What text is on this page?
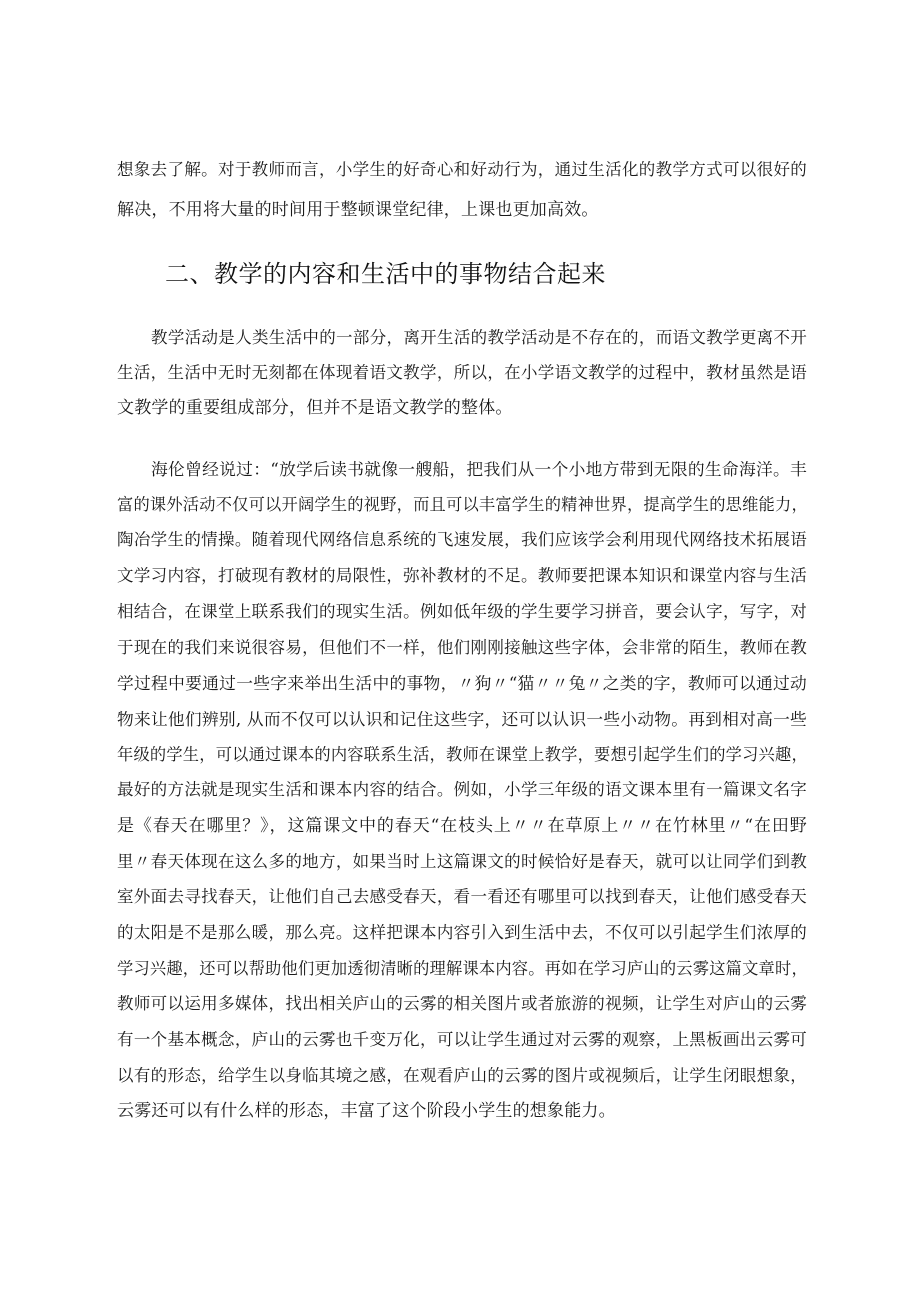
想象去了解。对于教师而言，小学生的好奇心和好动行为，通过生活化的教学方式可以很好的
解决，不用将大量的时间用于整顿课堂纪律，上课也更加高效。
二、教学的内容和生活中的事物结合起来
教学活动是人类生活中的一部分，离开生活的教学活动是不存在的，而语文教学更离不开
生活，生活中无时无刻都在体现着语文教学，所以，在小学语文教学的过程中，教材虽然是语
文教学的重要组成部分，但并不是语文教学的整体。
海伦曾经说过：“放学后读书就像一艘船，把我们从一个小地方带到无限的生命海洋。丰
富的课外活动不仅可以开阔学生的视野，而且可以丰富学生的精神世界，提高学生的思维能力，
陶冶学生的情操。随着现代网络信息系统的飞速发展，我们应该学会利用现代网络技术拓展语
文学习内容，打破现有教材的局限性，弥补教材的不足。教师要把课本知识和课堂内容与生活
相结合，在课堂上联系我们的现实生活。例如低年级的学生要学习拼音，要会认字，写字，对
于现在的我们来说很容易，但他们不一样，他们刚刚接触这些字体，会非常的陌生，教师在教
学过程中要通过一些字来举出生活中的事物，〃狗〃“猫〃〃兔〃之类的字，教师可以通过动
物来让他们辨别, 从而不仅可以认识和记住这些字，还可以认识一些小动物。再到相对高一些
年级的学生，可以通过课本的内容联系生活，教师在课堂上教学，要想引起学生们的学习兴趣，
最好的方法就是现实生活和课本内容的结合。例如，小学三年级的语文课本里有一篇课文名字
是《春天在哪里？》，这篇课文中的春天“在枝头上〃〃在草原上〃〃在竹林里〃“在田野
里〃春天体现在这么多的地方，如果当时上这篇课文的时候恰好是春天，就可以让同学们到教
室外面去寻找春天，让他们自己去感受春天，看一看还有哪里可以找到春天，让他们感受春天
的太阳是不是那么暖，那么亮。这样把课本内容引入到生活中去，不仅可以引起学生们浓厚的
学习兴趣，还可以帮助他们更加透彻清晰的理解课本内容。再如在学习庐山的云雾这篇文章时，
教师可以运用多媒体，找出相关庐山的云雾的相关图片或者旅游的视频，让学生对庐山的云雾
有一个基本概念，庐山的云雾也千变万化，可以让学生通过对云雾的观察，上黑板画出云雾可
以有的形态，给学生以身临其境之感，在观看庐山的云雾的图片或视频后，让学生闭眼想象，
云雾还可以有什么样的形态，丰富了这个阶段小学生的想象能力。
